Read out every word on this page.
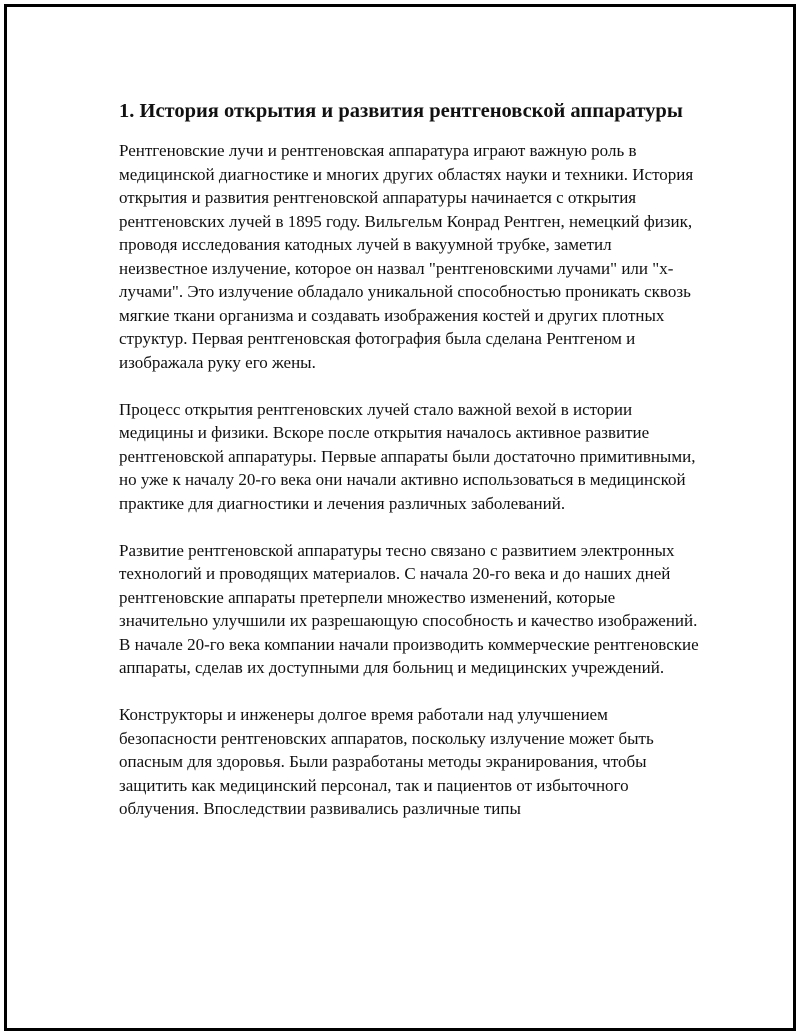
1. История открытия и развития рентгеновской аппаратуры

Рентгеновские лучи и рентгеновская аппаратура играют важную роль в медицинской диагностике и многих других областях науки и техники. История открытия и развития рентгеновской аппаратуры начинается с открытия рентгеновских лучей в 1895 году. Вильгельм Конрад Рентген, немецкий физик, проводя исследования катодных лучей в вакуумной трубке, заметил неизвестное излучение, которое он назвал "рентгеновскими лучами" или "х-лучами". Это излучение обладало уникальной способностью проникать сквозь мягкие ткани организма и создавать изображения костей и других плотных структур. Первая рентгеновская фотография была сделана Рентгеном и изображала руку его жены.

Процесс открытия рентгеновских лучей стало важной вехой в истории медицины и физики. Вскоре после открытия началось активное развитие рентгеновской аппаратуры. Первые аппараты были достаточно примитивными, но уже к началу 20-го века они начали активно использоваться в медицинской практике для диагностики и лечения различных заболеваний.

Развитие рентгеновской аппаратуры тесно связано с развитием электронных технологий и проводящих материалов. С начала 20-го века и до наших дней рентгеновские аппараты претерпели множество изменений, которые значительно улучшили их разрешающую способность и качество изображений. В начале 20-го века компании начали производить коммерческие рентгеновские аппараты, сделав их доступными для больниц и медицинских учреждений.

Конструкторы и инженеры долгое время работали над улучшением безопасности рентгеновских аппаратов, поскольку излучение может быть опасным для здоровья. Были разработаны методы экранирования, чтобы защитить как медицинский персонал, так и пациентов от избыточного облучения. Впоследствии развивались различные типы
